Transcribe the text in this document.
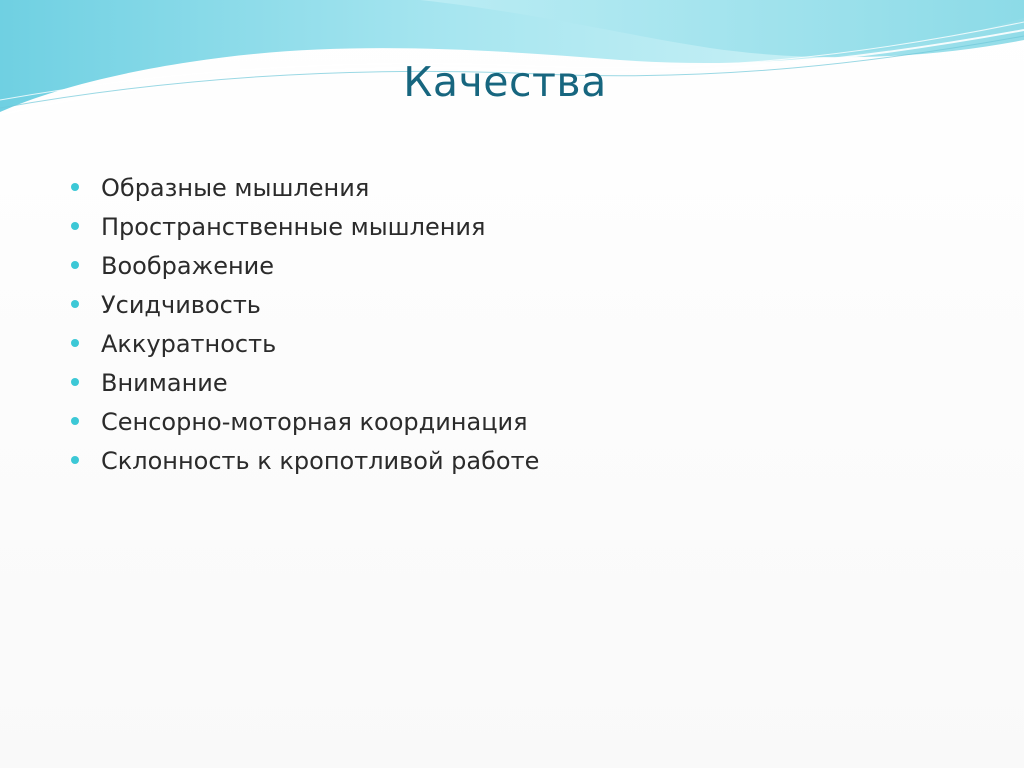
Качества
Образные мышления
Пространственные мышления
Воображение
Усидчивость
Аккуратность
Внимание
Сенсорно-моторная координация
Склонность к кропотливой работе
